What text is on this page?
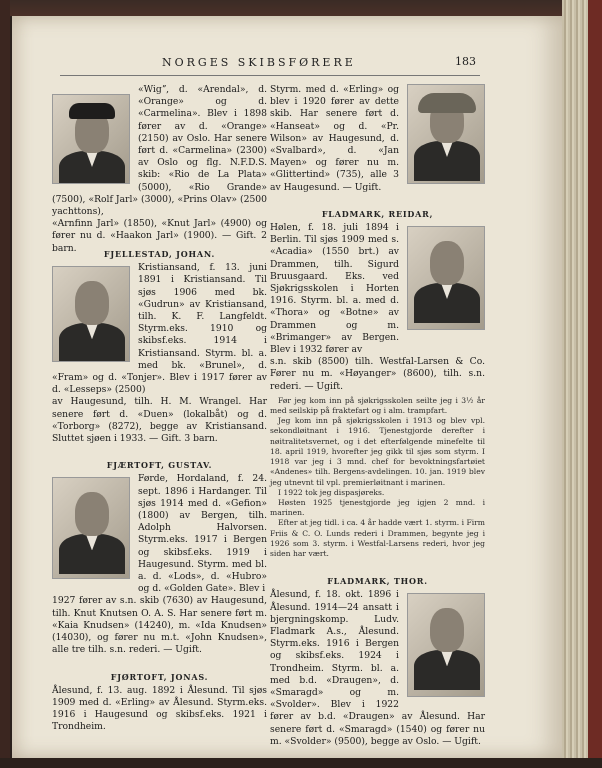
NORGES SKIBSFØRERE	183

«Wigˮ, d. «Arendal», d. «Orange» og d. «Carmelina». Blev i 1898 fører av d. «Orange» (2150) av Oslo. Har senere ført d. «Carmelina» (2300) av Oslo og flg. N.F.D.S. skib: «Rio de La Plata» (5000), «Rio Grande» (7500), «Rolf Jarl» (3000), «Prins Olav» (2500 yachttons),

«Arnfinn Jarl» (1850), «Knut Jarl» (4900) og fører nu d. «Haakon Jarl» (1900). — Gift. 2 barn.

FJELLESTAD, JOHAN.

Kristiansand, f. 13. juni 1891 i Kristiansand. Til sjøs 1906 med bk. «Gudrun» av Kristiansand, tilh. K. F. Langfeldt. Styrm.eks. 1910 og skibsf.eks. 1914 i Kristiansand. Styrm. bl. a. med bk. «Brunel», d. «Fram» og d. «Tonjer». Blev i 1917 fører av d. «Lesseps» (2500)

av Haugesund, tilh. H. M. Wrangel. Har senere ført d. «Duen» (lokalbåt) og d. «Torborg» (8272), begge av Kristiansand. Sluttet sjøen i 1933. — Gift. 3 barn.

FJÆRTOFT, GUSTAV.

Førde, Hordaland, f. 24. sept. 1896 i Hardanger. Til sjøs 1914 med d. «Gefion» (1800) av Bergen, tilh. Adolph Halvorsen. Styrm.eks. 1917 i Bergen og skibsf.eks. 1919 i Haugesund. Styrm. med bl. a. d. «Lods», d. «Hubro» og d. «Golden Gate». Blev i

1927 fører av s.n. skib (7630) av Haugesund, tilh. Knut Knutsen O. A. S. Har senere ført m. «Kaia Knudsen» (14240), m. «Ida Knudsen» (14030), og fører nu m.t. «John Knudsen», alle tre tilh. s.n. rederi. — Ugift.

FJØRTOFT, JONAS.

Ålesund, f. 13. aug. 1892 i Ålesund. Til sjøs 1909 med d. «Erling» av Ålesund. Styrm.eks. 1916 i Haugesund og skibsf.eks. 1921 i Trondheim.

Styrm. med d. «Erling» og blev i 1920 fører av dette skib. Har senere ført d. «Hanseat» og d. «Pr. Wilson» av Haugesund, d. «Svalbard», d. «Jan Mayen» og fører nu m. «Glittertind» (735), alle 3 av Haugesund. — Ugift.

FLADMARK, REIDAR,

Hølen, f. 18. juli 1894 i Berlin. Til sjøs 1909 med s. «Acadia» (1550 brt.) av Drammen, tilh. Sigurd Bruusgaard. Eks. ved Sjøkrigsskolen i Horten 1916. Styrm. bl. a. med d. «Thora» og «Botne» av Drammen og m. «Brimanger» av Bergen. Blev i 1932 fører av

s.n. skib (8500) tilh. Westfal-Larsen & Co. Fører nu m. «Høyanger» (8600), tilh. s.n. rederi. — Ugift.

Før jeg kom inn på sjøkrigsskolen seilte jeg i 3½ år med seilskip på fraktefart og i alm. trampfart.

Jeg kom inn på sjøkrigsskolen i 1913 og blev vpl. sekondløitnant i 1916. Tjenestgjorde derefter i nøitralitetsvernet, og i det efterfølgende minefelte til 18. april 1919, hvorefter jeg gikk til sjøs som styrm. I 1918 var jeg i 3 mnd. chef for bevoktningsfartøiet «Andenes» tilh. Bergens-avdelingen. 10. jan. 1919 blev jeg utnevnt til vpl. premierløitnant i marinen.

I 1922 tok jeg dispasjøreks.

Høsten 1925 tjenestgjorde jeg igjen 2 mnd. i marinen.

Efter at jeg tidl. i ca. 4 år hadde vært 1. styrm. i Firm Friis & C. O. Lunds rederi i Drammen, begynte jeg i 1926 som 3. styrm. i Westfal-Larsens rederi, hvor jeg siden har vært.

FLADMARK, THOR.

Ålesund, f. 18. okt. 1896 i Ålesund. 1914—24 ansatt i bjergningskomp. Ludv. Fladmark A.s., Ålesund. Styrm.eks. 1916 i Bergen og skibsf.eks. 1924 i Trondheim. Styrm. bl. a. med b.d. «Draugen», d. «Smaragd» og m. «Svolder». Blev i 1922 fører av b.d. «Draugen» av Ålesund. Har senere ført d. «Smaragd» (1540) og fører nu m. «Svolder» (9500), begge av Oslo. — Ugift.
